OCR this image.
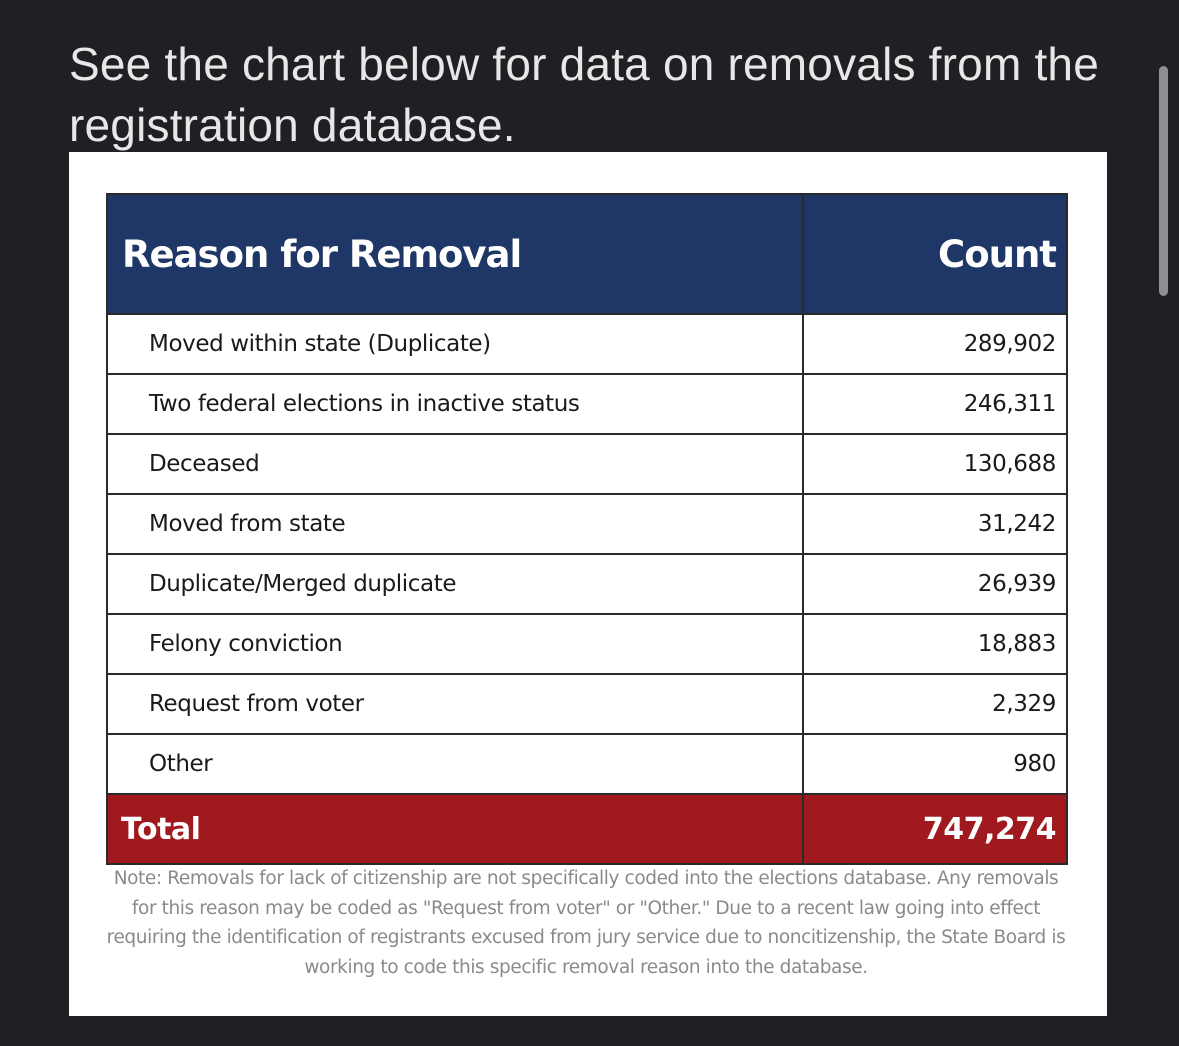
See the chart below for data on removals from the registration database.
Reason for Removal	Count
Moved within state (Duplicate)	289,902
Two federal elections in inactive status	246,311
Deceased	130,688
Moved from state	31,242
Duplicate/Merged duplicate	26,939
Felony conviction	18,883
Request from voter	2,329
Other	980
Total	747,274
Note: Removals for lack of citizenship are not specifically coded into the elections database. Any removals for this reason may be coded as "Request from voter" or "Other." Due to a recent law going into effect requiring the identification of registrants excused from jury service due to noncitizenship, the State Board is working to code this specific removal reason into the database.
